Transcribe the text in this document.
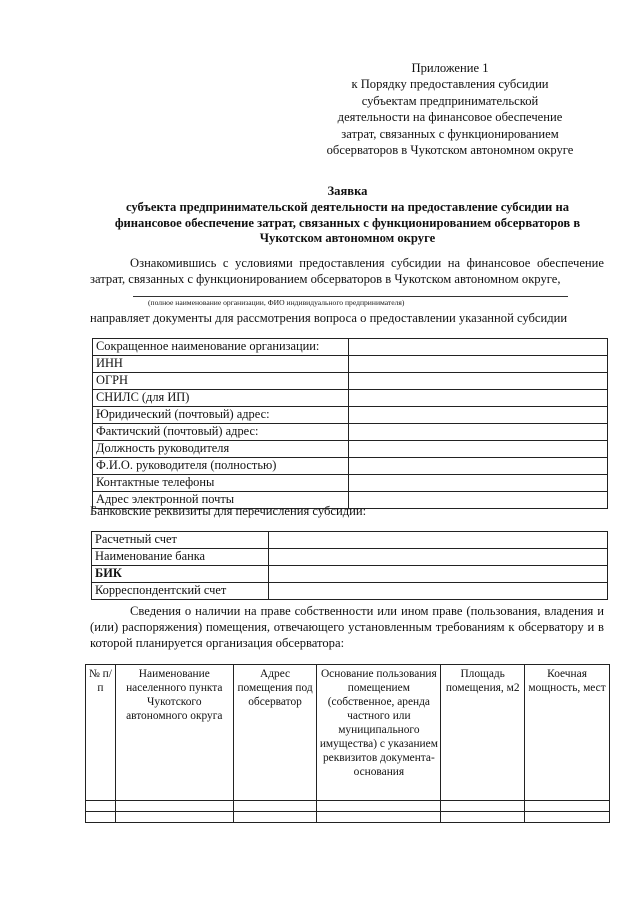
Приложение 1
к Порядку предоставления субсидии
субъектам предпринимательской
деятельности на финансовое обеспечение
затрат, связанных с функционированием
обсерваторов в Чукотском автономном округе
Заявка
субъекта предпринимательской деятельности на предоставление субсидии на
финансовое обеспечение затрат, связанных с функционированием обсерваторов в
Чукотском автономном округе
Ознакомившись с условиями предоставления субсидии на финансовое обеспечение затрат, связанных с функционированием обсерваторов в Чукотском автономном округе,
(полное наименование организации, ФИО индивидуального предпринимателя)
направляет документы для рассмотрения вопроса о предоставлении указанной субсидии
Сокращенное наименование организации:	
ИНН	
ОГРН	
СНИЛС (для ИП)	
Юридический (почтовый) адрес:	
Фактичский (почтовый) адрес:	
Должность руководителя	
Ф.И.О. руководителя (полностью)	
Контактные телефоны	
Адрес электронной почты	
Банковские реквизиты для перечисления субсидии:
Расчетный счет	
Наименование банка	
БИК	
Корреспондентский счет	
Сведения о наличии на праве собственности или ином праве (пользования, владения и (или) распоряжения) помещения, отвечающего установленным требованиям к обсерватору и в которой планируется организация обсерватора:
№ п/п	Наименование населенного пункта Чукотского автономного округа	Адрес помещения под обсерватор	Основание пользования помещением (собственное, аренда частного или муниципального имущества) с указанием реквизитов документа-основания	Площадь помещения, м2	Коечная мощность, мест
